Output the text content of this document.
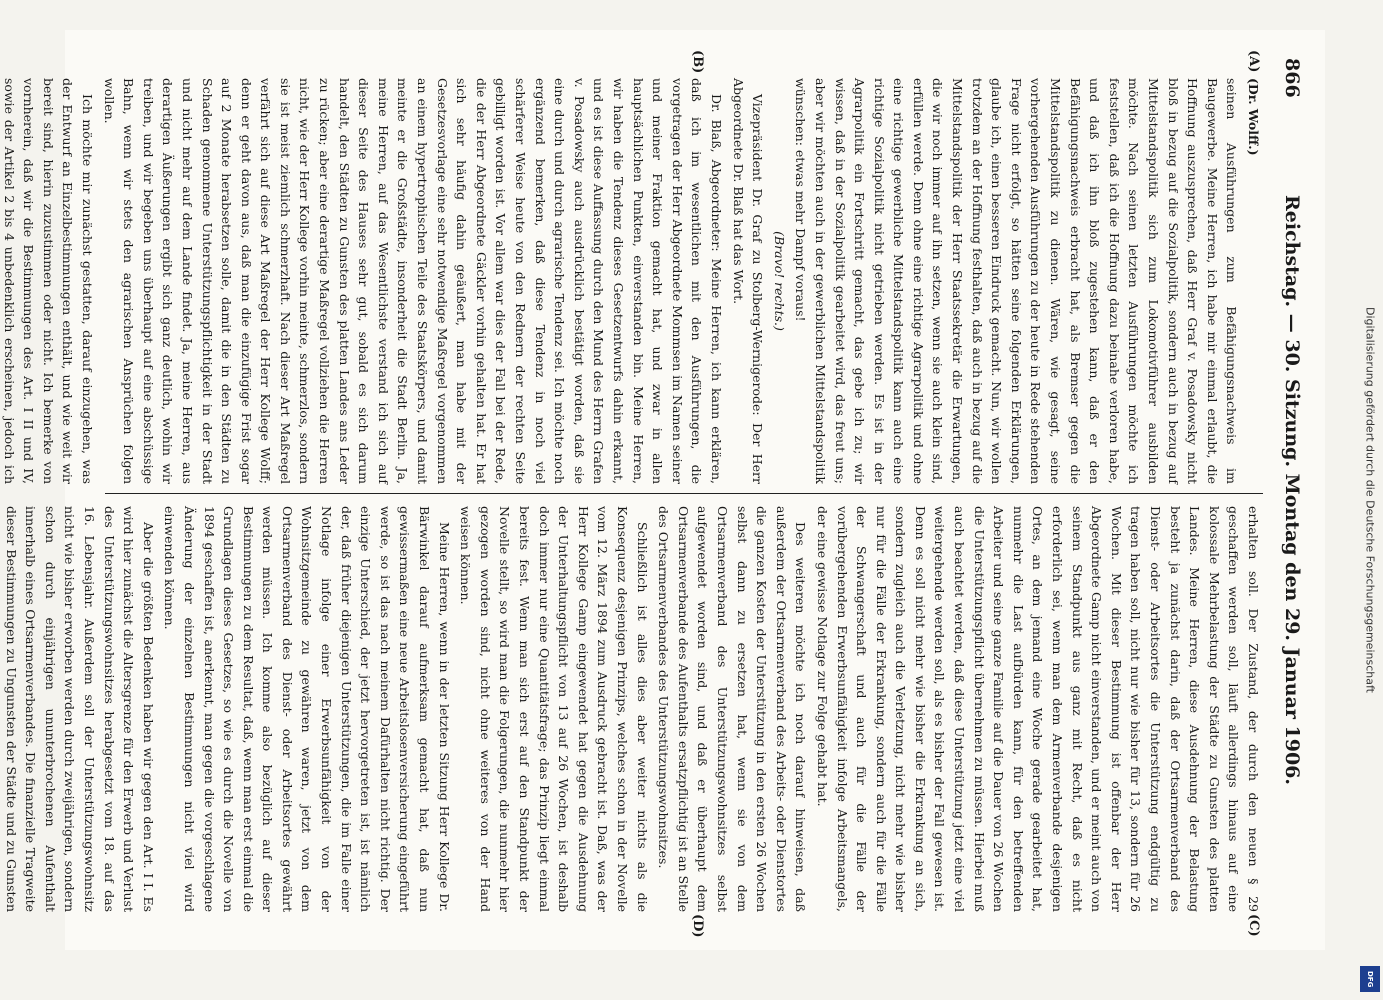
866
Reichstag. — 30. Sitzung. Montag den 29. Januar 1906.
(A)
(B)
(C)
(D)
(Dr. Wolff.)

seinen Ausführungen zum Befähigungsnachweis im Baugewerbe. Meine Herren, ich habe mir einmal erlaubt, die Hoffnung auszusprechen, daß Herr Graf v. Posadowsky nicht bloß in bezug auf die Sozialpolitik, sondern auch in bezug auf Mittelstandspolitik sich zum Lokomotivführer ausbilden möchte. Nach seinen letzten Ausführungen möchte ich feststellen, daß ich die Hoffnung dazu beinahe verloren habe, und daß ich ihn bloß zugestehen kann, daß er den Befähigungsnachweis erbracht hat, als Bremser gegen die Mittelstandspolitik zu dienen. Wären, wie gesagt, seine vorhergehenden Ausführungen zu der heute in Rede stehenden Frage nicht erfolgt, so hätten seine folgenden Erklärungen, glaube ich, einen besseren Eindruck gemacht. Nun, wir wollen trotzdem an der Hoffnung festhalten, daß auch in bezug auf die Mittelstandspolitik der Herr Staatssekretär die Erwartungen, die wir noch immer auf ihn setzen, wenn sie auch klein sind, erfüllen werde. Denn ohne eine richtige Agrarpolitik und ohne eine richtige gewerbliche Mittelstandspolitik kann auch eine richtige Sozialpolitik nicht getrieben werden. Es ist in der Agrarpolitik ein Fortschritt gemacht, das gebe ich zu; wir wissen, daß in der Sozialpolitik gearbeitet wird, das freut uns; aber wir möchten auch in der gewerblichen Mittelstandspolitik wünschen: etwas mehr Dampf voraus!

(Bravo! rechts.)

Vizepräsident Dr. Graf zu Stolberg-Wernigerode: Der Herr Abgeordnete Dr. Blaß hat das Wort.

Dr. Blaß, Abgeordneter: Meine Herren, ich kann erklären, daß ich im wesentlichen mit den Ausführungen, die vorgetragen der Herr Abgeordnete Mommsen im Namen seiner und meiner Fraktion gemacht hat, und zwar in allen hauptsächlichen Punkten, einverstanden bin. Meine Herren, wir haben die Tendenz dieses Gesetzentwurfs dahin erkannt, und es ist diese Auffassung durch den Mund des Herrn Grafen v. Posadowsky auch ausdrücklich bestätigt worden, daß sie eine durch und durch agrarische Tendenz sei. Ich möchte noch ergänzend bemerken, daß diese Tendenz in noch viel schärferer Weise heute von den Rednern der rechten Seite gebilligt worden ist. Vor allem war dies der Fall bei der Rede, die der Herr Abgeordnete Gäckler vorhin gehalten hat. Er hat sich sehr häufig dahin geäußert, man habe mit der Gesetzesvorlage eine sehr notwendige Maßregel vorgenommen an einem hypertrophischen Teile des Staatskörpers, und damit meinte er die Großstädte, insonderheit die Stadt Berlin. Ja, meine Herren, auf das Wesentlichste verstand ich sich auf dieser Seite des Hauses sehr gut, sobald es sich darum handelt, den Städten zu Gunsten des platten Landes ans Leder zu rücken; aber eine derartige Maßregel vollziehen die Herren nicht, wie der Herr Kollege vorhin meinte, schmerzlos, sondern sie ist meist ziemlich schmerzhaft. Nach dieser Art Maßregel verfährt sich auf diese Art Maßregel der Herr Kollege Wolff; denn er geht davon aus, daß man die einzufügige Frist sogar auf 2 Monate herabsetzen solle, damit die in den Städten zu Schaden genommene Unterstützungspflichtigkeit in der Stadt und nicht mehr auf dem Lande findet. Ja, meine Herren, aus derartigen Äußerungen ergibt sich ganz deutlich, wohin wir treiben, und wir begeben uns überhaupt auf eine abschüssige Bahn, wenn wir stets den agrarischen Ansprüchen folgen wollen.

Ich möchte mir zunächst gestatten, darauf einzugehen, was der Entwurf an Einzelbestimmungen enthält, und wie weit wir bereit sind, hierin zuzustimmen oder nicht. Ich bemerke von vornherein, daß wir die Bestimmungen des Art. I II und IV, sowie der Artikel 2 bis 4 unbedenklich erscheinen, jedoch ich

erhalten soll. Der Zustand, der durch den neuen § 29 geschaffen werden soll, läuft allerdings hinaus auf eine kolossale Mehrbelastung der Städte zu Gunsten des platten Landes. Meine Herren, diese Ausdehnung der Belastung besteht ja zunächst darin, daß der Ortsarmenverband des Dienst- oder Arbeitsortes die Unterstützung endgültig zu tragen haben soll, nicht nur wie bisher für 13, sondern für 26 Wochen. Mit dieser Bestimmung ist offenbar der Herr Abgeordnete Gamp nicht einverstanden, und er meint auch von seinem Standpunkt aus ganz mit Recht, daß es nicht erforderlich sei, wenn man dem Armenverbande desjenigen Ortes, an dem jemand eine Woche gerade gearbeitet hat, nunmehr die Last aufbürden kann, für den betreffenden Arbeiter und seine ganze Familie auf die Dauer von 26 Wochen die Unterstützungspflicht übernehmen zu müssen. Hierbei muß auch beachtet werden, daß diese Unterstützung jetzt eine viel weitergehende werden soll, als es bisher der Fall gewesen ist. Denn es soll nicht mehr wie bisher die Erkrankung an sich, sondern zugleich auch die Verletzung, nicht mehr wie bisher nur für die Fälle der Erkrankung, sondern auch für die Fälle der Schwangerschaft und auch für die Fälle der vorübergehenden Erwerbsunfähigkeit infolge Arbeitsmangels, der eine gewisse Notlage zur Folge gehabt hat.

Des weiteren möchte ich noch darauf hinweisen, daß außerdem der Ortsarmenverband des Arbeits- oder Dienstortes die ganzen Kosten der Unterstützung in den ersten 26 Wochen selbst dann zu ersetzen hat, wenn sie von dem Ortsarmenverband des Unterstützungswohnsitzes selbst aufgewendet worden sind, und daß er überhaupt dem Ortsarmenverbande des Aufenthalts ersatzpflichtig ist an Stelle des Ortsarmenverbandes des Unterstützungswohnsitzes.

Schließlich ist alles dies aber weiter nichts als die Konsequenz desjenigen Prinzips, welches schon in der Novelle vom 12. März 1894 zum Ausdruck gebracht ist. Daß, was der Herr Kollege Gamp eingewendet hat gegen die Ausdehnung der Unterhaltungspflicht von 13 auf 26 Wochen, ist deshalb doch immer nur eine Quantitätsfrage; das Prinzip liegt einmal bereits fest. Wenn man sich erst auf den Standpunkt der Novelle stellt, so wird man die Folgerungen, die nunmehr hier gezogen worden sind, nicht ohne weiteres von der Hand weisen können.

Meine Herren, wenn in der letzten Sitzung Herr Kollege Dr. Bärwinkel darauf aufmerksam gemacht hat, daß nun gewissermaßen eine neue Arbeitslosenversicherung eingeführt werde, so ist das nach meinem Dafürhalten nicht richtig. Der einzige Unterschied, der jetzt hervorgetreten ist, ist nämlich der, daß früher diejenigen Unterstützungen, die im Falle einer Notlage infolge einer Erwerbsunfähigkeit von der Wohnsitzgemeinde zu gewähren waren, jetzt von dem Ortsarmenverband des Dienst- oder Arbeitsortes gewährt werden müssen. Ich komme also bezüglich auf dieser Bestimmungen zu dem Resultat, daß, wenn man erst einmal die Grundlagen dieses Gesetzes, so wie es durch die Novelle von 1894 geschaffen ist, anerkennt, man gegen die vorgeschlagene Änderung der einzelnen Bestimmungen nicht viel wird einwenden können.

Aber die größten Bedenken haben wir gegen den Art. I I. Es wird hier zunächst die Altersgrenze für den Erwerb und Verlust des Unterstützungswohnsitzes herabgesetzt vom 18. auf das 16. Lebensjahr. Außerdem soll der Unterstützungswohnsitz nicht wie bisher erworben werden durch zweijährigen, sondern schon durch einjährigen ununterbrochenen Aufenthalt innerhalb eines Ortsarmenverbandes. Die finanzielle Tragweite dieser Bestimmungen zu Ungunsten der Städte und zu Gunsten

Digitalisierung gefördert durch die Deutsche Forschungsgemeinschaft
DFG
